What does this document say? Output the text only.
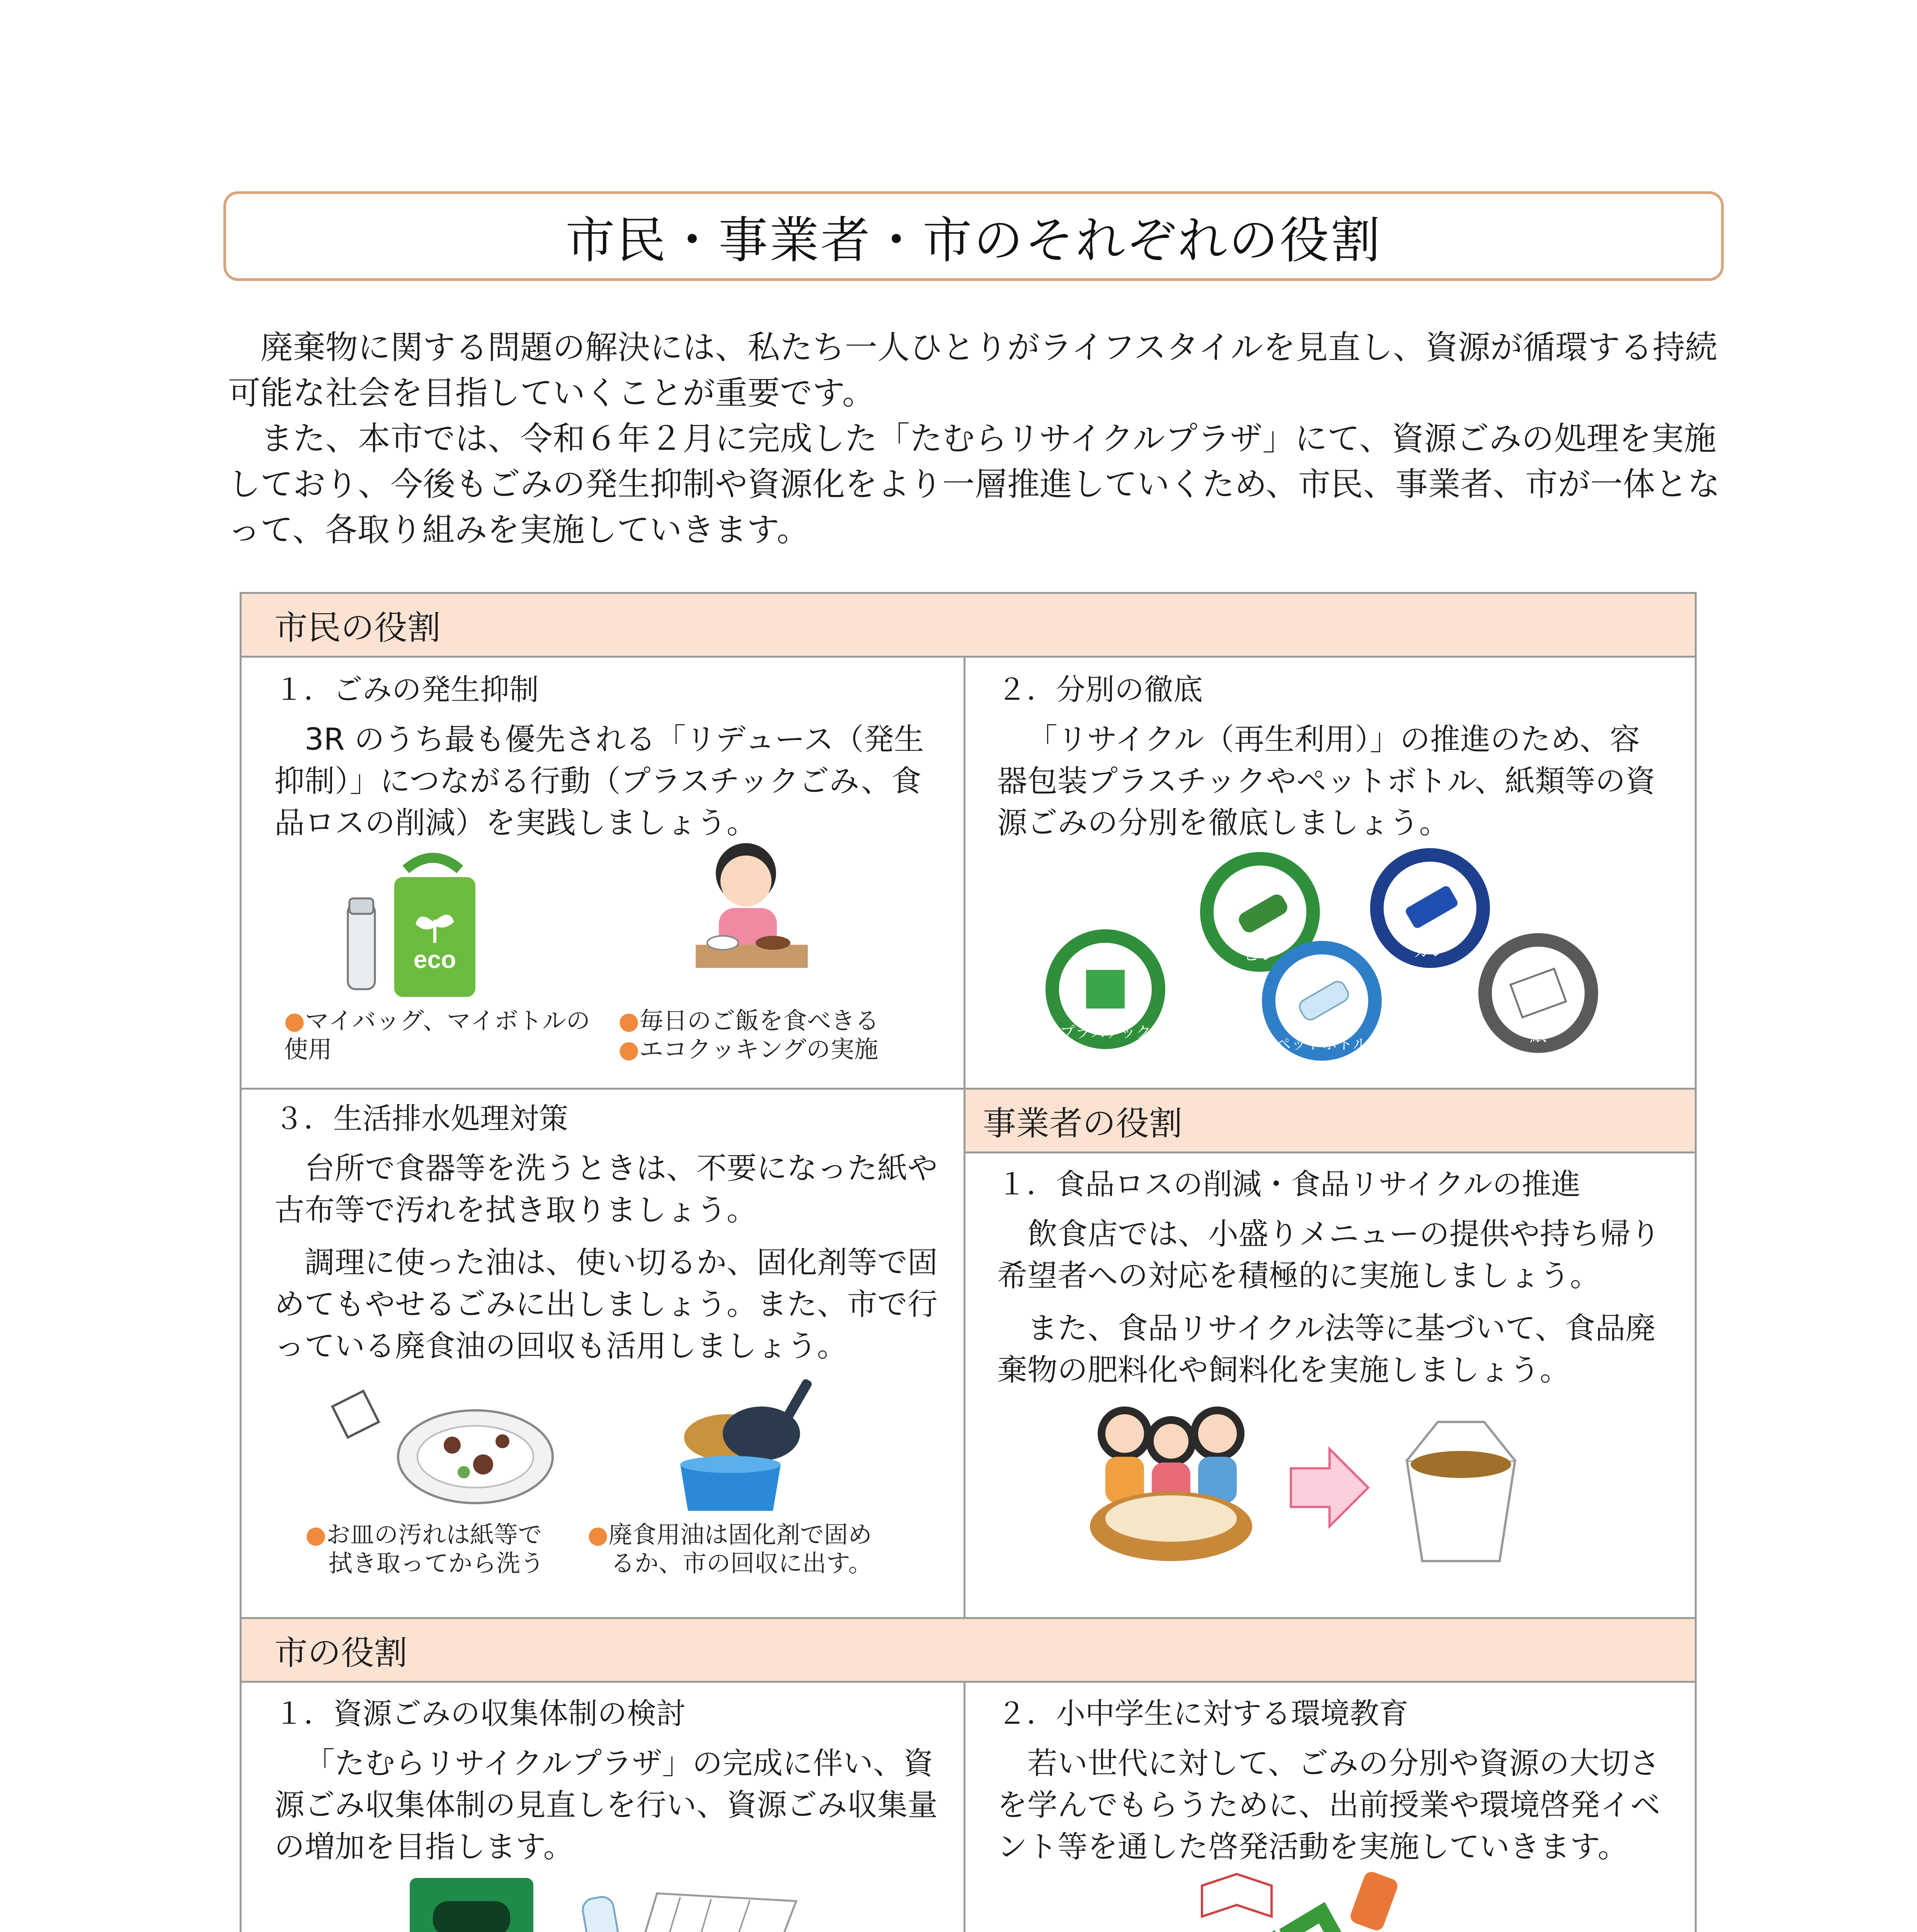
市民・事業者・市のそれぞれの役割

廃棄物に関する問題の解決には、私たち一人ひとりがライフスタイルを見直し、資源が循環する持続可能な社会を目指していくことが重要です。

また、本市では、令和６年２月に完成した「たむらリサイクルプラザ」にて、資源ごみの処理を実施しており、今後もごみの発生抑制や資源化をより一層推進していくため、市民、事業者、市が一体となって、各取り組みを実施していきます。

市民の役割
事業者の役割
市の役割
１．ごみの発生抑制

3R のうち最も優先される「リデュース（発生抑制）」につながる行動（プラスチックごみ、食品ロスの削減）を実践しましょう。

eco
●マイバッグ、マイボトルの使用
●毎日のご飯を食べきる
●エコクッキングの実施
２．分別の徹底

「リサイクル（再生利用）」の推進のため、容器包装プラスチックやペットボトル、紙類等の資源ごみの分別を徹底しましょう。

プラスチック
ビン
ペットボトル
カン
紙
３．生活排水処理対策

台所で食器等を洗うときは、不要になった紙や古布等で汚れを拭き取りましょう。

調理に使った油は、使い切るか、固化剤等で固めてもやせるごみに出しましょう。また、市で行っている廃食油の回収も活用しましょう。

●お皿の汚れは紙等で
拭き取ってから洗う
●廃食用油は固化剤で固め
るか、市の回収に出す。
１．食品ロスの削減・食品リサイクルの推進

飲食店では、小盛りメニューの提供や持ち帰り希望者への対応を積極的に実施しましょう。

また、食品リサイクル法等に基づいて、食品廃棄物の肥料化や飼料化を実施しましょう。

１．資源ごみの収集体制の検討

「たむらリサイクルプラザ」の完成に伴い、資源ごみ収集体制の見直しを行い、資源ごみ収集量の増加を目指します。

２．小中学生に対する環境教育

若い世代に対して、ごみの分別や資源の大切さを学んでもらうために、出前授業や環境啓発イベント等を通した啓発活動を実施していきます。
